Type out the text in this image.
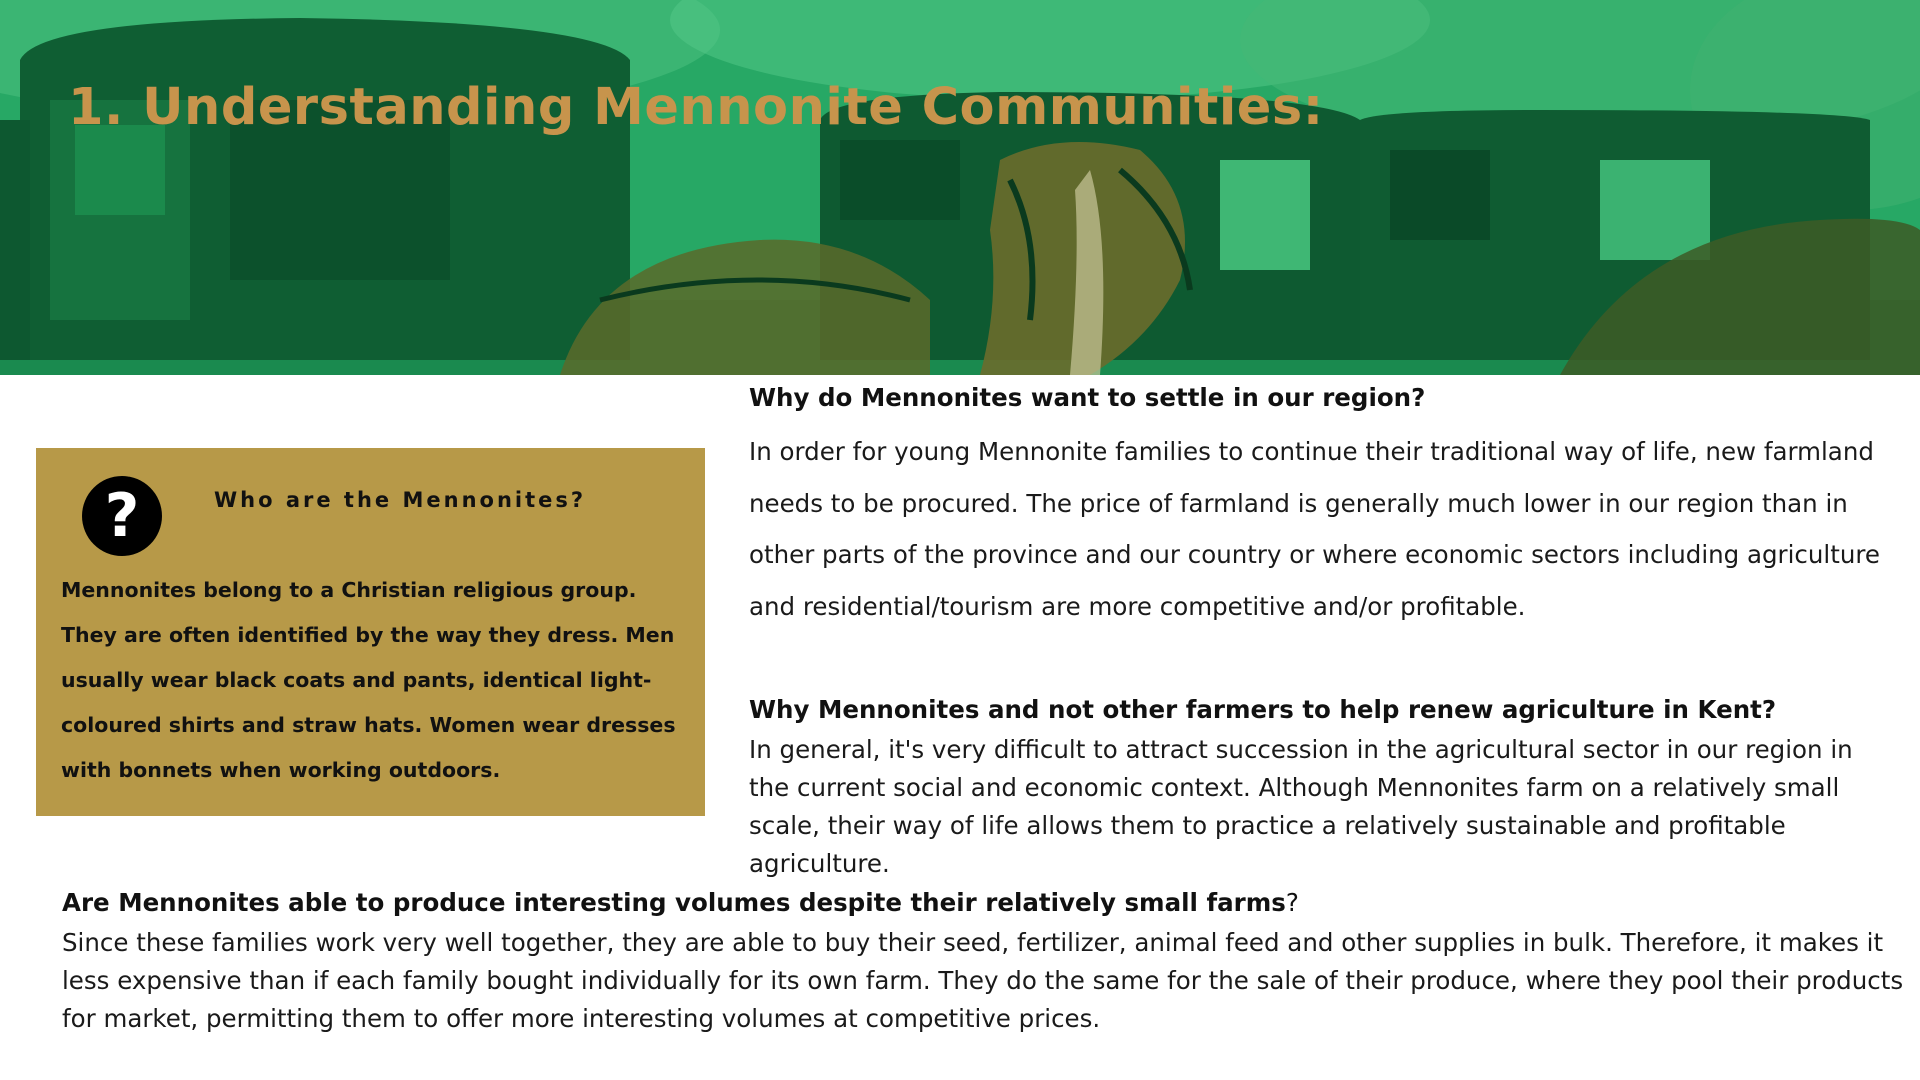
1. Understanding Mennonite Communities:
?	Who are the Mennonites?
Mennonites belong to a Christian religious group. They are often identified by the way they dress. Men usually wear black coats and pants, identical light-coloured shirts and straw hats. Women wear dresses with bonnets when working outdoors.
Why do Mennonites want to settle in our region?
In order for young Mennonite families to continue their traditional way of life, new farmland needs to be procured. The price of farmland is generally much lower in our region than in other parts of the province and our country or where economic sectors including agriculture and residential/tourism are more competitive and/or profitable.
Why Mennonites and not other farmers to help renew agriculture in Kent?
In general, it's very difficult to attract succession in the agricultural sector in our region in the current social and economic context. Although Mennonites farm on a relatively small scale, their way of life allows them to practice a relatively sustainable and profitable agriculture.
Are Mennonites able to produce interesting volumes despite their relatively small farms?
Since these families work very well together, they are able to buy their seed, fertilizer, animal feed and other supplies in bulk. Therefore, it makes it less expensive than if each family bought individually for its own farm. They do the same for the sale of their produce, where they pool their products for market, permitting them to offer more interesting volumes at competitive prices.
